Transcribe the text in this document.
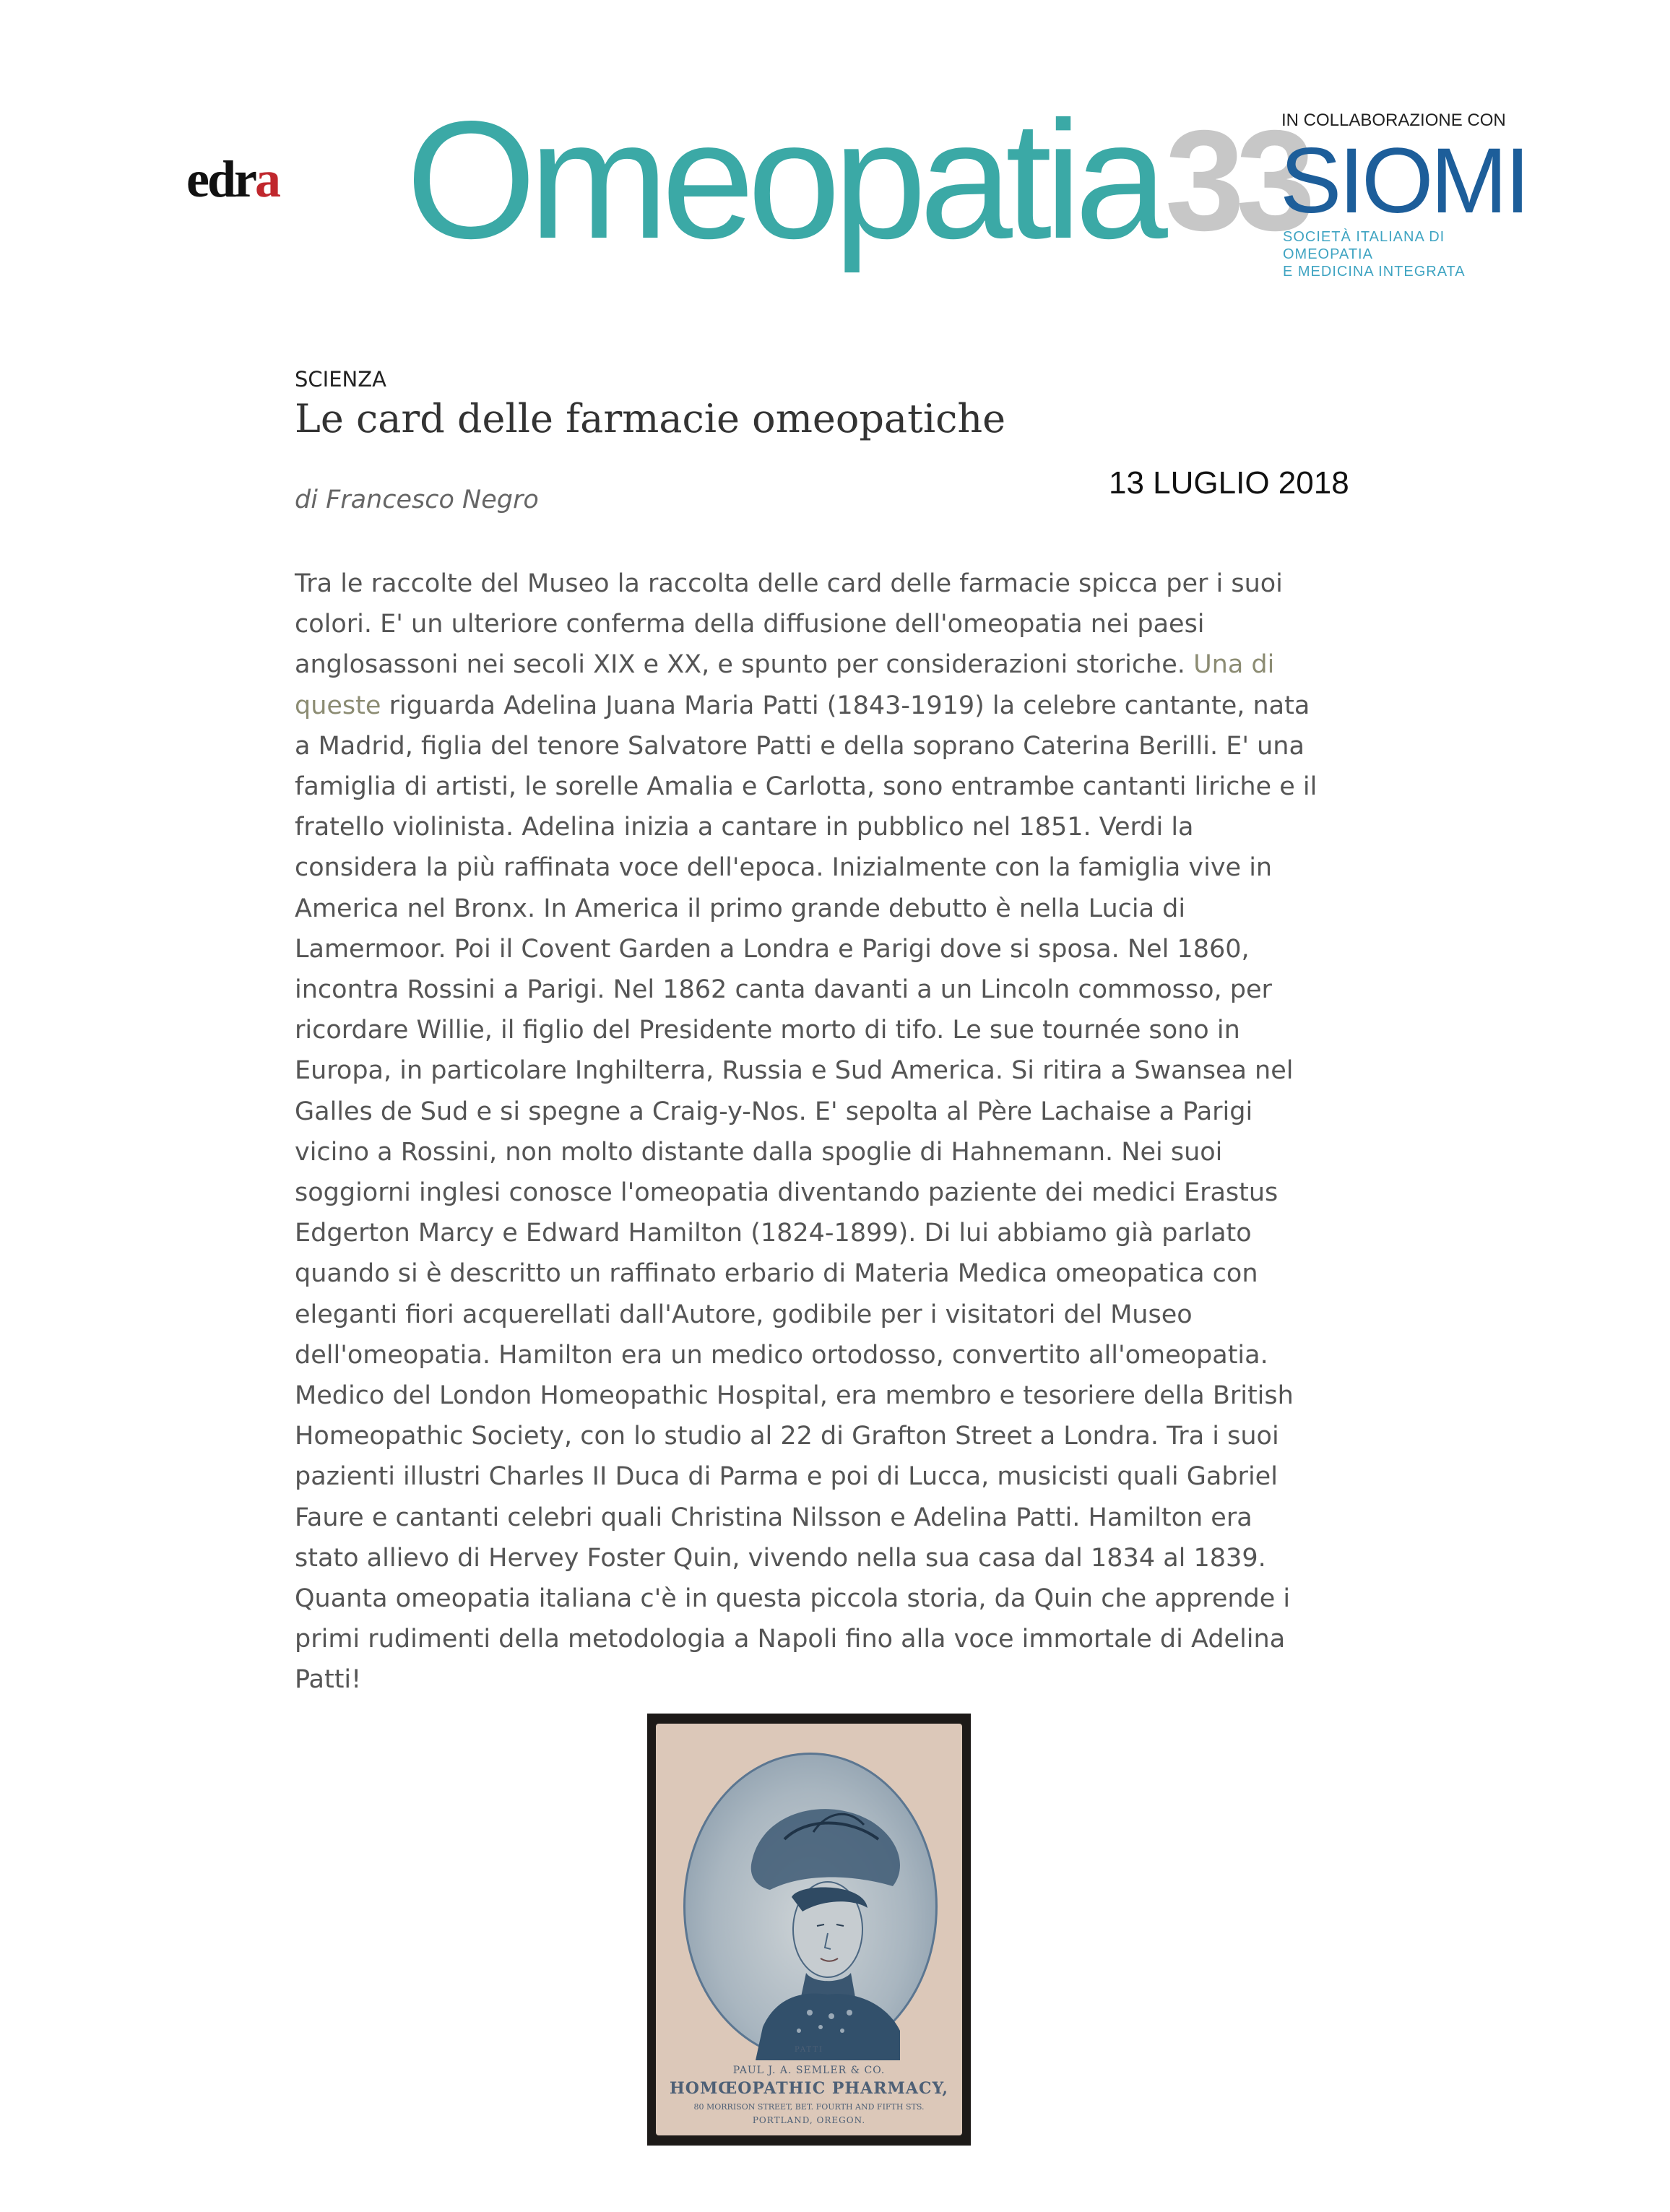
edra Omeopatia 33
IN COLLABORAZIONE CON
SIOMI
SOCIETÀ ITALIANA DI OMEOPATIA
E MEDICINA INTEGRATA
SCIENZA
Le card delle farmacie omeopatiche
13 LUGLIO 2018
di Francesco Negro
Tra le raccolte del Museo la raccolta delle card delle farmacie spicca per i suoi
colori. E' un ulteriore conferma della diffusione dell'omeopatia nei paesi
anglosassoni nei secoli XIX e XX, e spunto per considerazioni storiche. Una di
queste riguarda Adelina Juana Maria Patti (1843-1919) la celebre cantante, nata
a Madrid, figlia del tenore Salvatore Patti e della soprano Caterina Berilli. E' una
famiglia di artisti, le sorelle Amalia e Carlotta, sono entrambe cantanti liriche e il
fratello violinista. Adelina inizia a cantare in pubblico nel 1851. Verdi la
considera la più raffinata voce dell'epoca. Inizialmente con la famiglia vive in
America nel Bronx. In America il primo grande debutto è nella Lucia di
Lamermoor. Poi il Covent Garden a Londra e Parigi dove si sposa. Nel 1860,
incontra Rossini a Parigi. Nel 1862 canta davanti a un Lincoln commosso, per
ricordare Willie, il figlio del Presidente morto di tifo. Le sue tournée sono in
Europa, in particolare Inghilterra, Russia e Sud America. Si ritira a Swansea nel
Galles de Sud e si spegne a Craig-y-Nos. E' sepolta al Père Lachaise a Parigi
vicino a Rossini, non molto distante dalla spoglie di Hahnemann. Nei suoi
soggiorni inglesi conosce l'omeopatia diventando paziente dei medici Erastus
Edgerton Marcy e Edward Hamilton (1824-1899). Di lui abbiamo già parlato
quando si è descritto un raffinato erbario di Materia Medica omeopatica con
eleganti fiori acquerellati dall'Autore, godibile per i visitatori del Museo
dell'omeopatia. Hamilton era un medico ortodosso, convertito all'omeopatia.
Medico del London Homeopathic Hospital, era membro e tesoriere della British
Homeopathic Society, con lo studio al 22 di Grafton Street a Londra. Tra i suoi
pazienti illustri Charles II Duca di Parma e poi di Lucca, musicisti quali Gabriel
Faure e cantanti celebri quali Christina Nilsson e Adelina Patti. Hamilton era
stato allievo di Hervey Foster Quin, vivendo nella sua casa dal 1834 al 1839.
Quanta omeopatia italiana c'è in questa piccola storia, da Quin che apprende i
primi rudimenti della metodologia a Napoli fino alla voce immortale di Adelina
Patti!
PATTI
PAUL J. A. SEMLER & CO.
HOMŒOPATHIC PHARMACY,
80 MORRISON STREET, BET. FOURTH AND FIFTH STS.
PORTLAND, OREGON.
